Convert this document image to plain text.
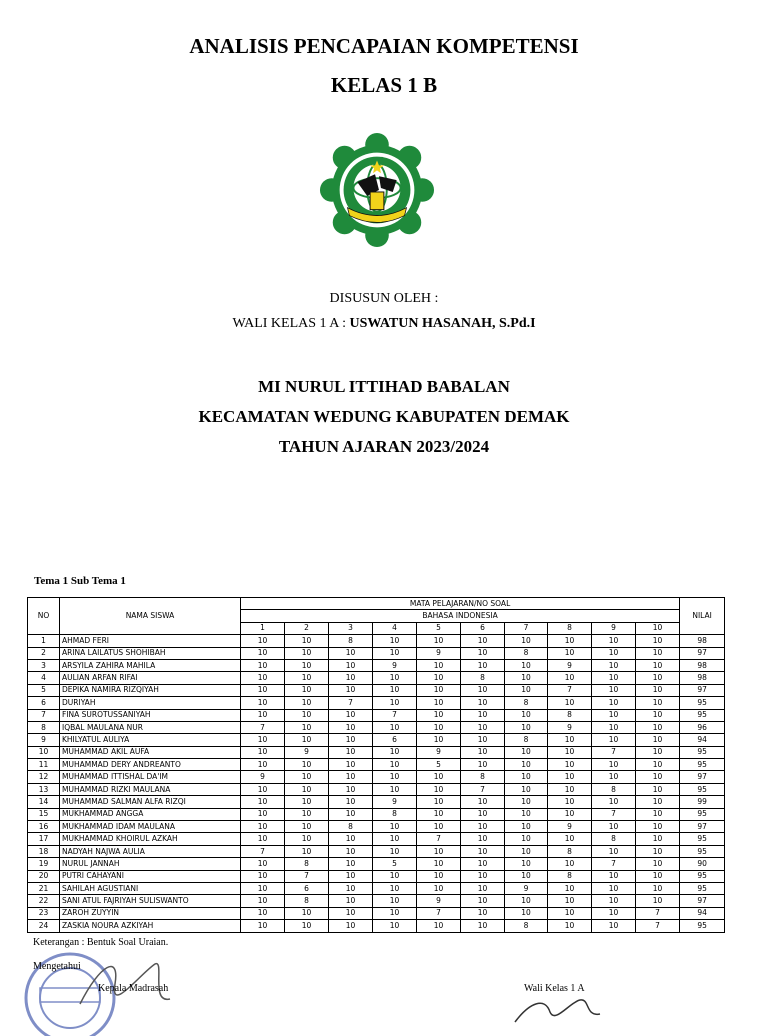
ANALISIS PENCAPAIAN KOMPETENSI
KELAS 1 B
DISUSUN OLEH :
WALI KELAS 1 A : USWATUN HASANAH, S.Pd.I
MI NURUL ITTIHAD BABALAN
KECAMATAN WEDUNG KABUPATEN DEMAK
TAHUN AJARAN 2023/2024
Tema 1 Sub Tema 1
NO	NAMA SISWA	MATA PELAJARAN/NO SOAL										NILAI
		BAHASA INDONESIA										
		1	2	3	4	5	6	7	8	9	10	
1	AHMAD FERI	10	10	8	10	10	10	10	10	10	10	98
2	ARINA LAILATUS SHOHIBAH	10	10	10	10	9	10	8	10	10	10	97
3	ARSYILA ZAHIRA MAHILA	10	10	10	9	10	10	10	9	10	10	98
4	AULIAN ARFAN RIFAI	10	10	10	10	10	8	10	10	10	10	98
5	DEPIKA NAMIRA RIZQIYAH	10	10	10	10	10	10	10	7	10	10	97
6	DURIYAH	10	10	7	10	10	10	8	10	10	10	95
7	FINA SUROTUSSANIYAH	10	10	10	7	10	10	10	8	10	10	95
8	IQBAL MAULANA NUR	7	10	10	10	10	10	10	9	10	10	96
9	KHILYATUL AULIYA	10	10	10	6	10	10	8	10	10	10	94
10	MUHAMMAD AKIL AUFA	10	9	10	10	9	10	10	10	7	10	95
11	MUHAMMAD DERY ANDREANTO	10	10	10	10	5	10	10	10	10	10	95
12	MUHAMMAD ITTISHAL DA'IM	9	10	10	10	10	8	10	10	10	10	97
13	MUHAMMAD RIZKI MAULANA	10	10	10	10	10	7	10	10	8	10	95
14	MUHAMMAD SALMAN ALFA RIZQI	10	10	10	9	10	10	10	10	10	10	99
15	MUKHAMMAD ANGGA	10	10	10	8	10	10	10	10	7	10	95
16	MUKHAMMAD IDAM MAULANA	10	10	8	10	10	10	10	9	10	10	97
17	MUKHAMMAD KHOIRUL AZKAH	10	10	10	10	7	10	10	10	8	10	95
18	NADYAH NAJWA AULIA	7	10	10	10	10	10	10	8	10	10	95
19	NURUL JANNAH	10	8	10	5	10	10	10	10	7	10	90
20	PUTRI CAHAYANI	10	7	10	10	10	10	10	8	10	10	95
21	SAHILAH AGUSTIANI	10	6	10	10	10	10	9	10	10	10	95
22	SANI ATUL FAJRIYAH SULISWANTO	10	8	10	10	9	10	10	10	10	10	97
23	ZAROH ZUYYIN	10	10	10	10	7	10	10	10	10	7	94
24	ZASKIA NOURA AZKIYAH	10	10	10	10	10	10	8	10	10	7	95
Keterangan : Bentuk Soal Uraian.
Mengetahui
Kepala Madrasah	Wali Kelas 1 A
